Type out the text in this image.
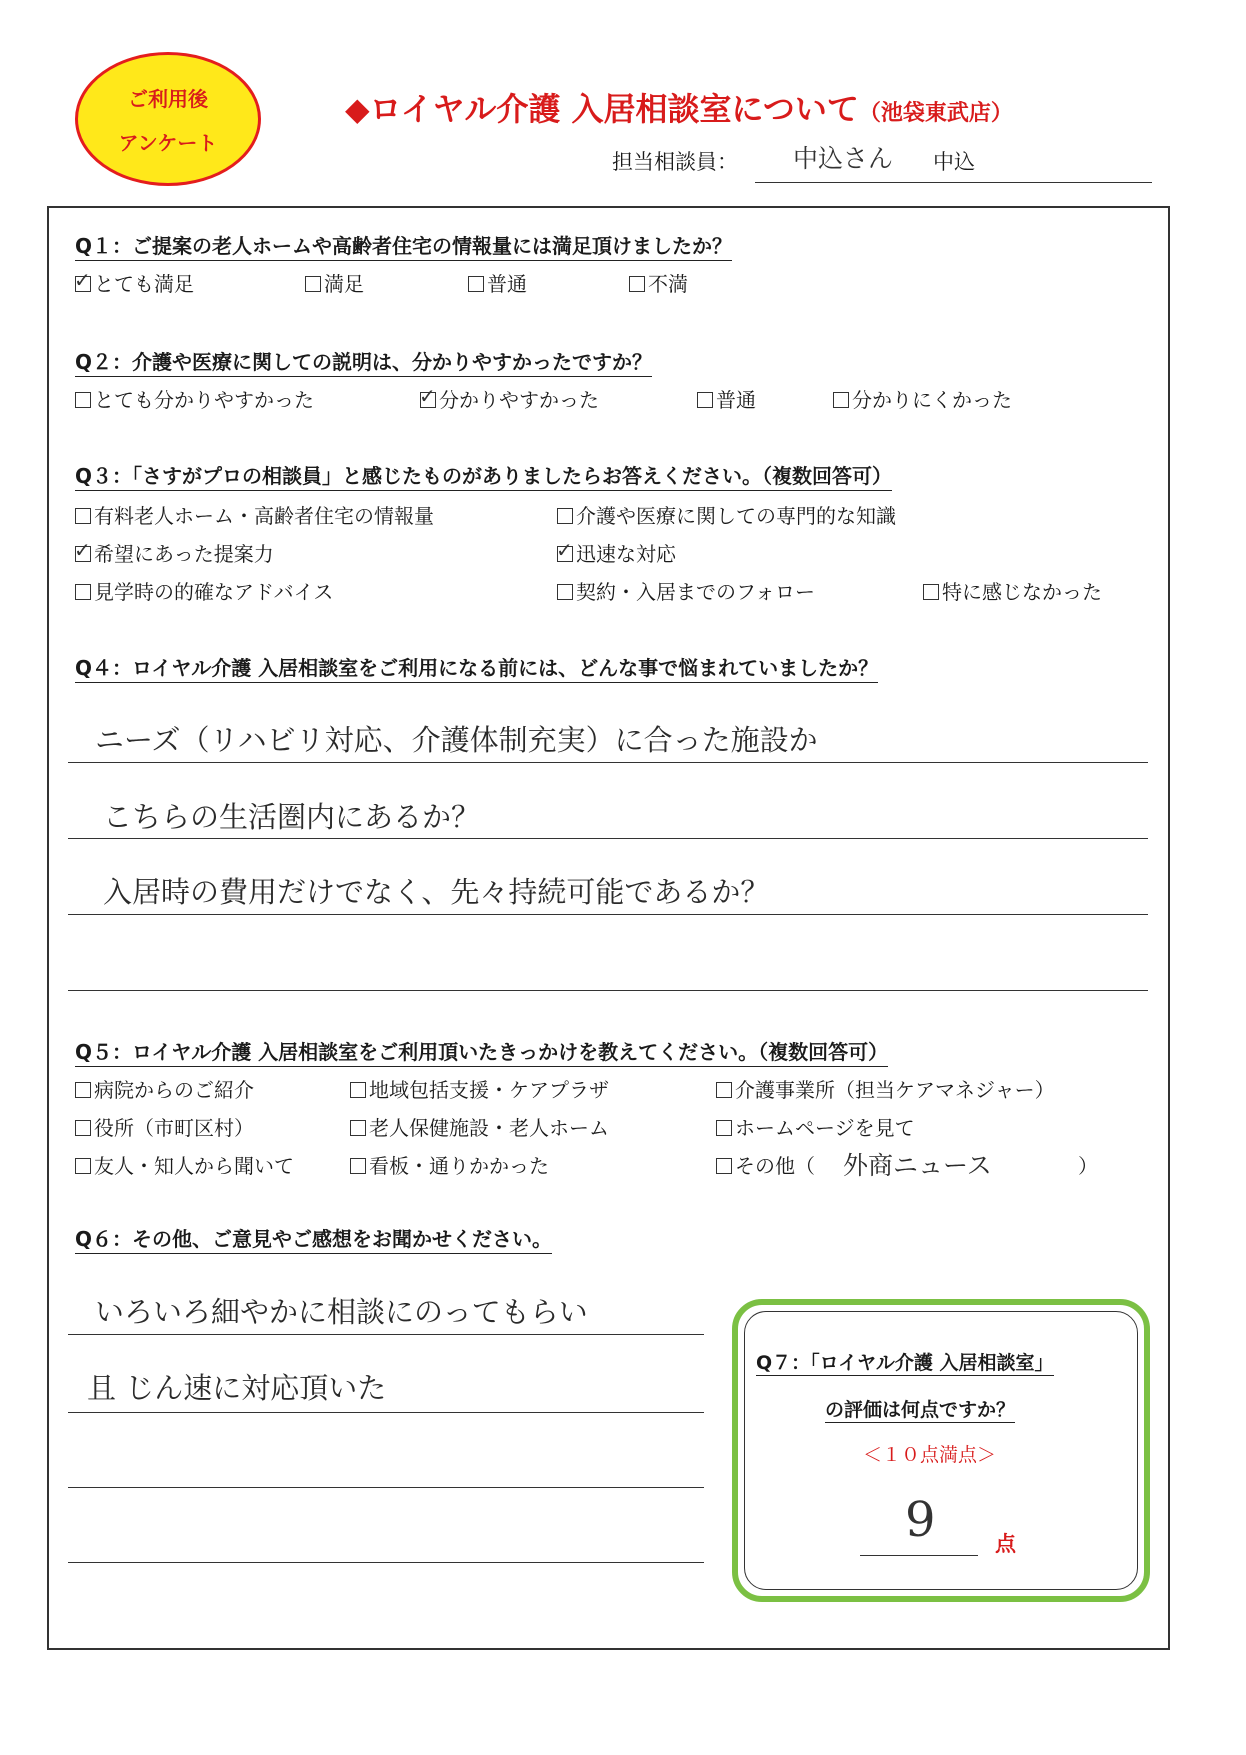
ご利用後
アンケート
◆ロイヤル介護 入居相談室について（池袋東武店）
担当相談員： 中込さん 中込
Q１：ご提案の老人ホームや高齢者住宅の情報量には満足頂けましたか？
✓とても満足	満足	普通	不満
Q２：介護や医療に関しての説明は、分かりやすかったですか？
とても分かりやすかった ✓	分かりやすかった	普通	分かりにくかった
Q３：「さすがプロの相談員」と感じたものがありましたらお答えください。（複数回答可）
有料老人ホーム・高齢者住宅の情報量	介護や医療に関しての専門的な知識
✓希望にあった提案力 ✓	迅速な対応
見学時の的確なアドバイス	契約・入居までのフォロー	特に感じなかった
Q４：ロイヤル介護 入居相談室をご利用になる前には、どんな事で悩まれていましたか？
ニーズ（リハビリ対応、介護体制充実）に合った施設か
こちらの生活圏内にあるか？
入居時の費用だけでなく、先々持続可能であるか？
Q５：ロイヤル介護 入居相談室をご利用頂いたきっかけを教えてください。（複数回答可）
病院からのご紹介	地域包括支援・ケアプラザ	介護事業所（担当ケアマネジャー）
役所（市町区村）	老人保健施設・老人ホーム	ホームページを見て
友人・知人から聞いて	看板・通りかかった	その他（ 外商ニュース	）
Q６：その他、ご意見やご感想をお聞かせください。
いろいろ細やかに相談にのってもらい
且 じん速に対応頂いた
Q７：「ロイヤル介護 入居相談室」
の評価は何点ですか？
＜１０点満点＞
9	点
